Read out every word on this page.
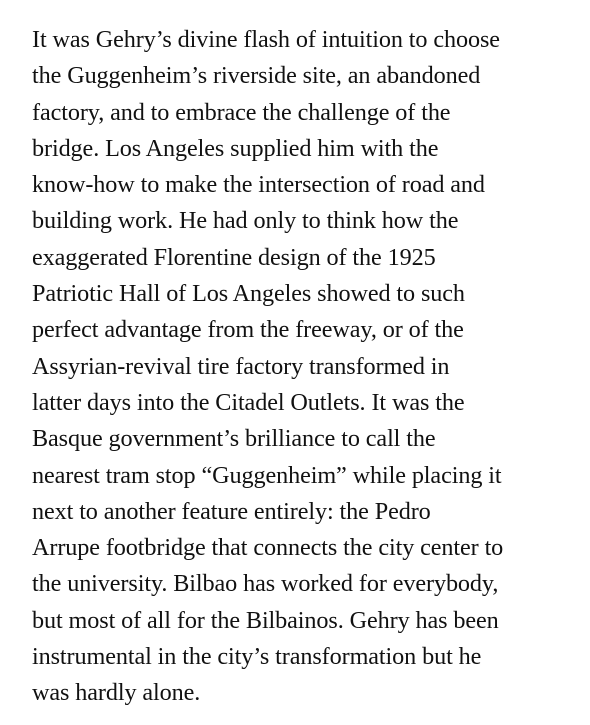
It was Gehry’s divine flash of intuition to choose
the Guggenheim’s riverside site, an abandoned
factory, and to embrace the challenge of the
bridge. Los Angeles supplied him with the
know-how to make the intersection of road and
building work. He had only to think how the
exaggerated Florentine design of the 1925
Patriotic Hall of Los Angeles showed to such
perfect advantage from the freeway, or of the
Assyrian-revival tire factory transformed in
latter days into the Citadel Outlets. It was the
Basque government’s brilliance to call the
nearest tram stop “Guggenheim” while placing it
next to another feature entirely: the Pedro
Arrupe footbridge that connects the city center to
the university. Bilbao has worked for everybody,
but most of all for the Bilbainos. Gehry has been
instrumental in the city’s transformation but he
was hardly alone.
